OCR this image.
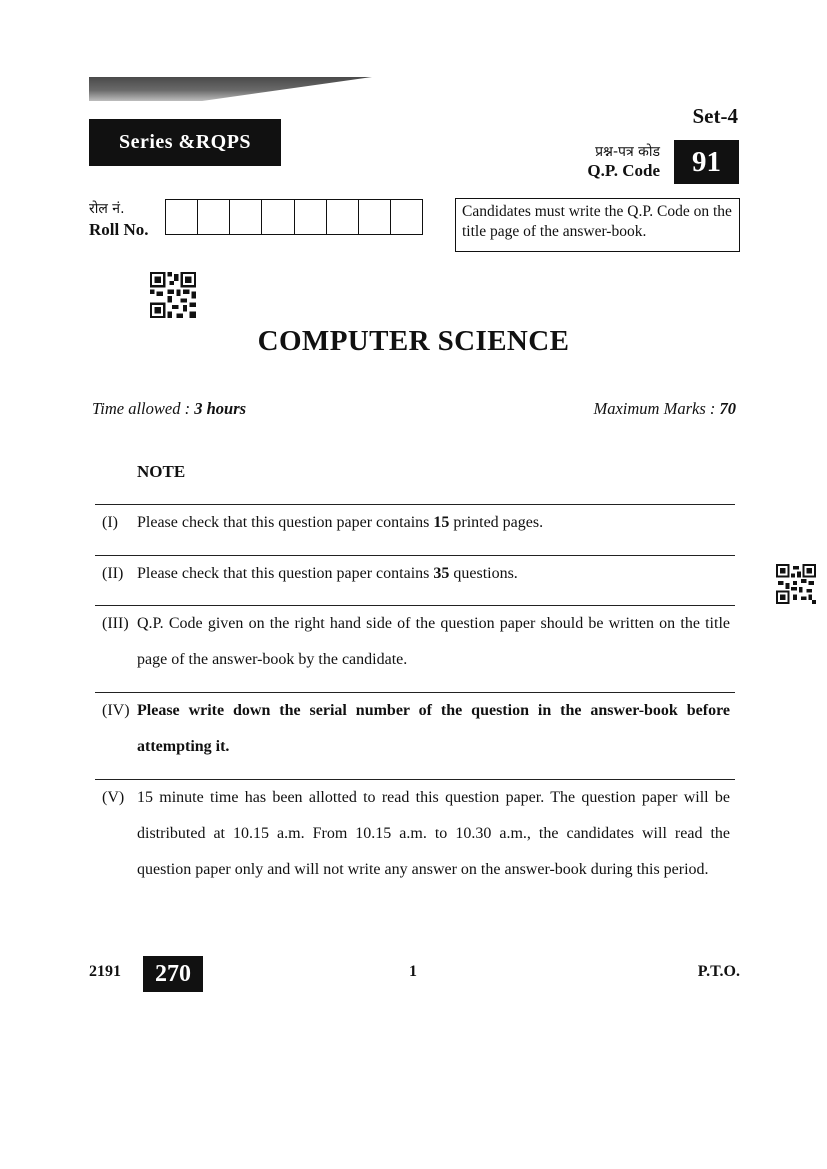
Series &RQPS
Set-4
प्रश्न-पत्र कोड
Q.P. Code	91
रोल नं.
Roll No.
Candidates must write the Q.P. Code on the title page of the answer-book.
COMPUTER SCIENCE
Time allowed : 3 hours	Maximum Marks : 70
NOTE
(I) Please check that this question paper contains 15 printed pages.
(II) Please check that this question paper contains 35 questions.
(III) Q.P. Code given on the right hand side of the question paper should be written on the title page of the answer-book by the candidate.
(IV) Please write down the serial number of the question in the answer-book before attempting it.
(V) 15 minute time has been allotted to read this question paper. The question paper will be distributed at 10.15 a.m. From 10.15 a.m. to 10.30 a.m., the candidates will read the question paper only and will not write any answer on the answer-book during this period.
2191	270	1	P.T.O.
